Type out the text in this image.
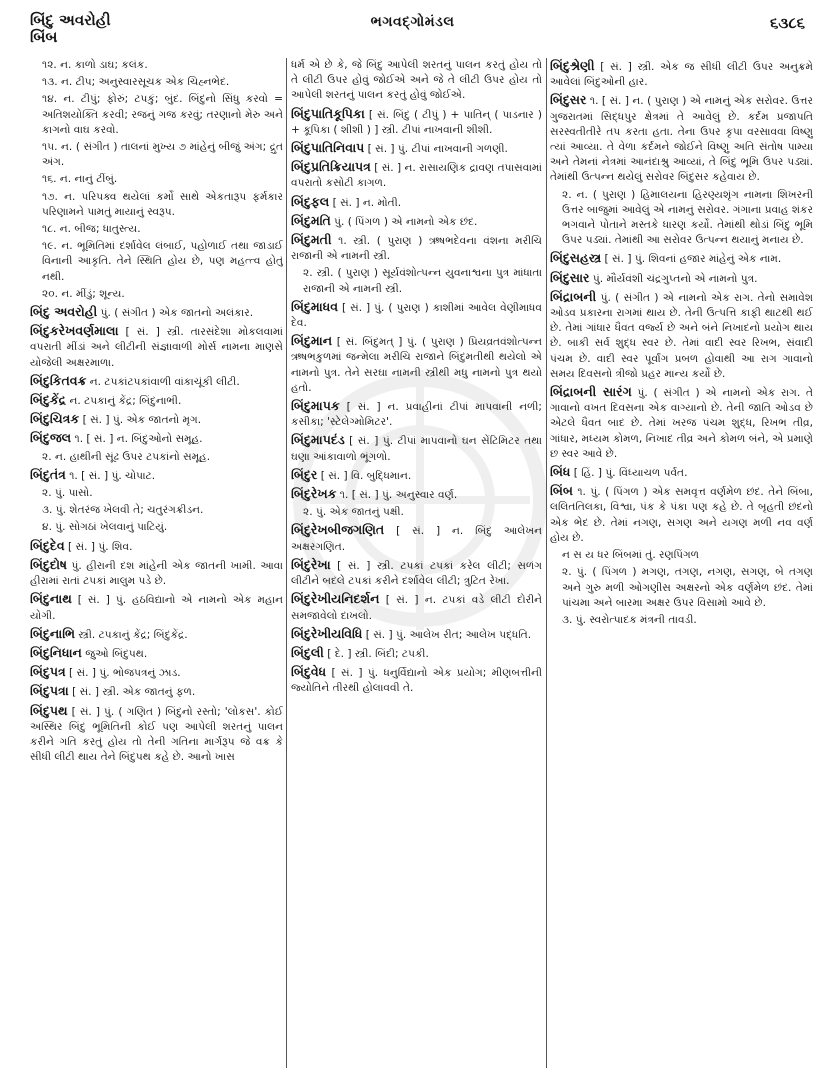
બિંદુ અવરોહી
બિંબ
ભગવદ્ગોમંડલ	૬૩૮૬
૧૨. ન. કાળો ડાઘ; કલંક.
૧૩. ન. ટીપ; અનુસ્વારસૂચક એક ચિહ્નભેદ.
૧૪. ન. ટીપું; ફોરું; ટપકું; બુંદ. બિંદુનો સિંધુ કરવો = અતિશયોક્તિ કરવી; રજનું ગજ કરવું; તરણાનો મેરુ અને કાગનો વાઘ કરવો.
૧૫. ન. ( સંગીત ) તાલનાં મુખ્ય ૭ માંહેનું બીજું અંગ; દ્રુત અંગ.
૧૬. ન. નાનું ટીંબું.
૧૭. ન. પરિપક્વ થયેલાં કર્મો સાથે એકતારૂપ ફર્મકાર પરિણામને પામતું માયાનું સ્વરૂપ.
૧૮. ન. બીજ; ધાતુસ્ત્ય.
૧૯. ન. ભૂમિતિમાં દર્શાવેલ લંબાઈ, પહોળાઈ તથા જાડાઈ વિનાની આકૃતિ. તેને સ્થિતિ હોય છે, પણ મહત્ત્વ હોતું નથી.
૨૦. ન. મીંડું; શૂન્ય.
બિંદુ અવરોહી પું. ( સંગીત ) એક જાતનો અલંકાર.
બિંદુકરેખવર્ણમાલા [ સં. ] સ્ત્રી. તારસંદેશા મોકલવામાં વપરાતી મીંડાં અને લીટીની સંજ્ઞાવાળી મોર્સ નામના માણસે યોજેલી અક્ષરમાળા.
બિંદુકિતવક્ર ન. ટપકાંટપકાંવાળી વાંકાચૂંકી લીટી.
બિંદુકેંદ્ર ન. ટપકાનું કેંદ્ર; બિંદુનાભી.
બિંદુચિત્રક [ સં. ] પું. એક જાતનો મૃગ.
બિંદુજલ ૧. [ સં. ] ન. બિંદુઓનો સમૂહ.
૨. ન. હાથીની સૂંઢ ઉપર ટપકાંનો સમૂહ.
બિંદુતંત્ર ૧. [ સં. ] પું. ચોપાટ.
૨. પું. પાસો.
૩. પું. શેતરંજ ખેલવી તે; ચતુરંગક્રીડન.
૪. પું. સોગઠાં ખેલવાનું પાટિયું.
બિંદુદેવ [ સં. ] પું. શિવ.
બિંદુદોષ પું. હીરાની દશ માંહેની એક જાતની ખામી. આવા હીરામાં રાતાં ટપકાં માલુમ પડે છે.
બિંદુનાથ [ સં. ] પું. હઠવિદ્યાનો એ નામનો એક મહાન યોગી.
બિંદુનાભિ સ્ત્રી. ટપકાનું કેંદ્ર; બિંદુકેંદ્ર.
બિંદુનિધાન જુઓ બિંદુપથ.
બિંદુપત્ર [ સં. ] પું. ભોજપત્રનું ઝાડ.
બિંદુપત્રા [ સં. ] સ્ત્રી. એક જાતનું ફળ.
બિંદુપથ [ સં. ] પું. ( ગણિત ) બિંદુનો રસ્તો; 'લોકસ'. કોઈ અસ્થિર બિંદુ ભૂમિતિની કોઈ પણ આપેલી શરતનું પાલન કરીને ગતિ કરતું હોય તો તેની ગતિના માર્ગરૂપ જે વક્ર કે સીધી લીટી થાય તેને બિંદુપથ કહે છે. આનો ખાસ
ધર્મ એ છે કે, જે બિંદુ આપેલી શરતનું પાલન કરતું હોય તો તે લીટી ઉપર હોવું જોઈએ અને જે તે લીટી ઉપર હોય તો આપેલી શરતનું પાલન કરતું હોવું જોઈએ.
બિંદુપાતિકૂપિકા [ સં. બિંદુ ( ટીપું ) + પાતિન્ ( પાડનાર ) + કૂપિકા ( શીશી ) ] સ્ત્રી. ટીપાં નાખવાની શીશી.
બિંદુપાતિનિવાપ [ સં. ] પું. ટીપાં નાખવાની ગળણી.
બિંદુપ્રતિક્રિયાપત્ર [ સં. ] ન. રાસાયણિક દ્રાવણ તપાસવામાં વપરાતો કસોટી કાગળ.
બિંદુફલ [ સં. ] ન. મોતી.
બિંદુમતિ પું. ( પિંગળ ) એ નામનો એક છંદ.
બિંદુમતી ૧. સ્ત્રી. ( પુરાણ ) ઋષભદેવના વંશના મરીચિ રાજાની એ નામની સ્ત્રી.
૨. સ્ત્રી. ( પુરાણ ) સૂર્યવંશોત્પન્ન યુવનાશ્વના પુત્ર માંધાતા રાજાની એ નામની સ્ત્રી.
બિંદુમાધવ [ સં. ] પું. ( પુરાણ ) કાશીમાં આવેલ વેણીમાધવ દેવ.
બિંદુમાન [ સં. બિંદુમત્ ] પું. ( પુરાણ ) પ્રિયવ્રતવંશોત્પન્ન ઋષભકુળમાં જન્મેલા મરીચિ રાજાને બિંદુમતીથી થયેલો એ નામનો પુત્ર. તેને સરઘા નામની સ્ત્રીથી મધુ નામનો પુત્ર થયો હતો.
બિંદુમાપક [ સં. ] ન. પ્રવાહીનાં ટીપાં માપવાની નળી; કસીકા; 'સ્ટેલેગ્મોમિટર'.
બિંદુમાપદંડ [ સં. ] પું. ટીપાં માપવાનો ઘન સેંટિમિટર તથા ઘણા આંકાવાળો ભૂંગળો.
બિંદુર [ સં. ] વિ. બુદ્ધિમાન.
બિંદુરેખક ૧. [ સં. ] પું. અનુસ્વાર વર્ણ.
૨. પું. એક જાતનું પક્ષી.
બિંદુરેખબીજગણિત [ સં. ] ન. બિંદુ આલેખન અક્ષરગણિત.
બિંદુરેખા [ સં. ] સ્ત્રી. ટપકાં ટપકાં કરેલ લીટી; સળંગ લીટીને બદલે ટપકાં કરીને દર્શાવેલ લીટી; ત્રુટિત રેખા.
બિંદુરેખીયનિદર્શન [ સં. ] ન. ટપકાં વડે લીટી દોરીને સમજાવેલો દાખલો.
બિંદુરેખીયવિધિ [ સં. ] પું. આલેખ રીત; આલેખ પદ્ધતિ.
બિંદુલી [ દે. ] સ્ત્રી. બિંદી; ટપકી.
બિંદુવેધ [ સં. ] પું. ધનુર્વિદ્યાનો એક પ્રયોગ; મીણબત્તીની જ્યોતિને તીરથી હોલાવવી તે.
બિંદુશ્રેણી [ સં. ] સ્ત્રી. એક જ સીધી લીટી ઉપર અનુક્રમે આવેલાં બિંદુઓની હાર.
બિંદુસર ૧. [ સં. ] ન. ( પુરાણ ) એ નામનું એક સરોવર. ઉત્તર ગુજરાતમાં સિદ્ધપુર ક્ષેત્રમાં તે આવેલું છે. કર્દમ પ્રજાપતિ સરસ્વતીતીરે તપ કરતા હતા. તેના ઉપર કૃપા વરસાવવા વિષ્ણુ ત્યાં આવ્યા. તે વેળા કર્દમને જોઈને વિષ્ણુ અતિ સંતોષ પામ્યા અને તેમનાં નેત્રમાં આનંદાશ્રુ આવ્યાં, તે બિંદુ ભૂમિ ઉપર પડ્યાં. તેમાંથી ઉત્પન્ન થયેલું સરોવર બિંદુસર કહેવાય છે.
૨. ન. ( પુરાણ ) હિમાલયના હિરણ્યશૃંગ નામના શિખરની ઉત્તર બાજુમાં આવેલું એ નામનું સરોવર. ગંગાના પ્રવાહ શંકર ભગવાને પોતાને મસ્તકે ધારણ કર્યો. તેમાંથી થોડાં બિંદુ ભૂમિ ઉપર પડ્યાં. તેમાંથી આ સરોવર ઉત્પન્ન થયાનું મનાય છે.
બિંદુસહસ્ત્ર [ સં. ] પું. શિવનાં હજાર માંહેનું એક નામ.
બિંદુસાર પું. મૌર્યવંશી ચંદ્રગુપ્તનો એ નામનો પુત્ર.
બિંદ્રાબની પું. ( સંગીત ) એ નામનો એક રાગ. તેનો સમાવેશ ઓડવ પ્રકારના રાગમાં થાય છે. તેની ઉત્પત્તિ કાફી થાટથી થઈ છે. તેમાં ગાંધાર ધૈવત વર્જ્ય છે અને બંને નિખાદનો પ્રયોગ થાય છે. બાકી સર્વ શુદ્ધ સ્વર છે. તેમાં વાદી સ્વર રિખભ, સંવાદી પંચમ છે. વાદી સ્વર પૂર્વાંગ પ્રબળ હોવાથી આ રાગ ગાવાનો સમય દિવસનો ત્રીજો પ્રહર માન્ય કર્યો છે.
બિંદ્રાબની સારંગ પું. ( સંગીત ) એ નામનો એક રાગ. તે ગાવાનો વખત દિવસના એક વાગ્યાનો છે. તેની જાતિ ઓડવ છે એટલે ધૈવત બાદ છે. તેમાં ખરજ પંચમ શુદ્ધ, રિખભ તીવ્ર, ગાંધાર, મધ્યમ કોમળ, નિખાદ તીવ્ર અને કોમળ બંને, એ પ્રમાણે છ સ્વર આવે છે.
બિંધ [ હિં. ] પું. વિંધ્યાચળ પર્વત.
બિંબ ૧. પું. ( પિંગળ ) એક સમવૃત્ત વર્ણમેળ છંદ. તેને બિંબા, લલિતતિલકા, વિશ્વા, પંક કે પંકા પણ કહે છે. તે બૃહતી છંદનો એક ભેદ છે. તેમાં નગણ, સગણ અને યગણ મળી નવ વર્ણ હોય છે.
ન સ ય ધર બિંબમાં તું. રણપિંગળ
૨. પું. ( પિંગળ ) મગણ, તગણ, નગણ, સગણ, બે તગણ અને ગુરુ મળી ઓગણીસ અક્ષરનો એક વર્ણમેળ છંદ. તેમાં પાંચમા અને બારમા અક્ષર ઉપર વિસામો આવે છે.
૩. પું. સ્વરોત્પાદક મંત્રની તાવડી.
